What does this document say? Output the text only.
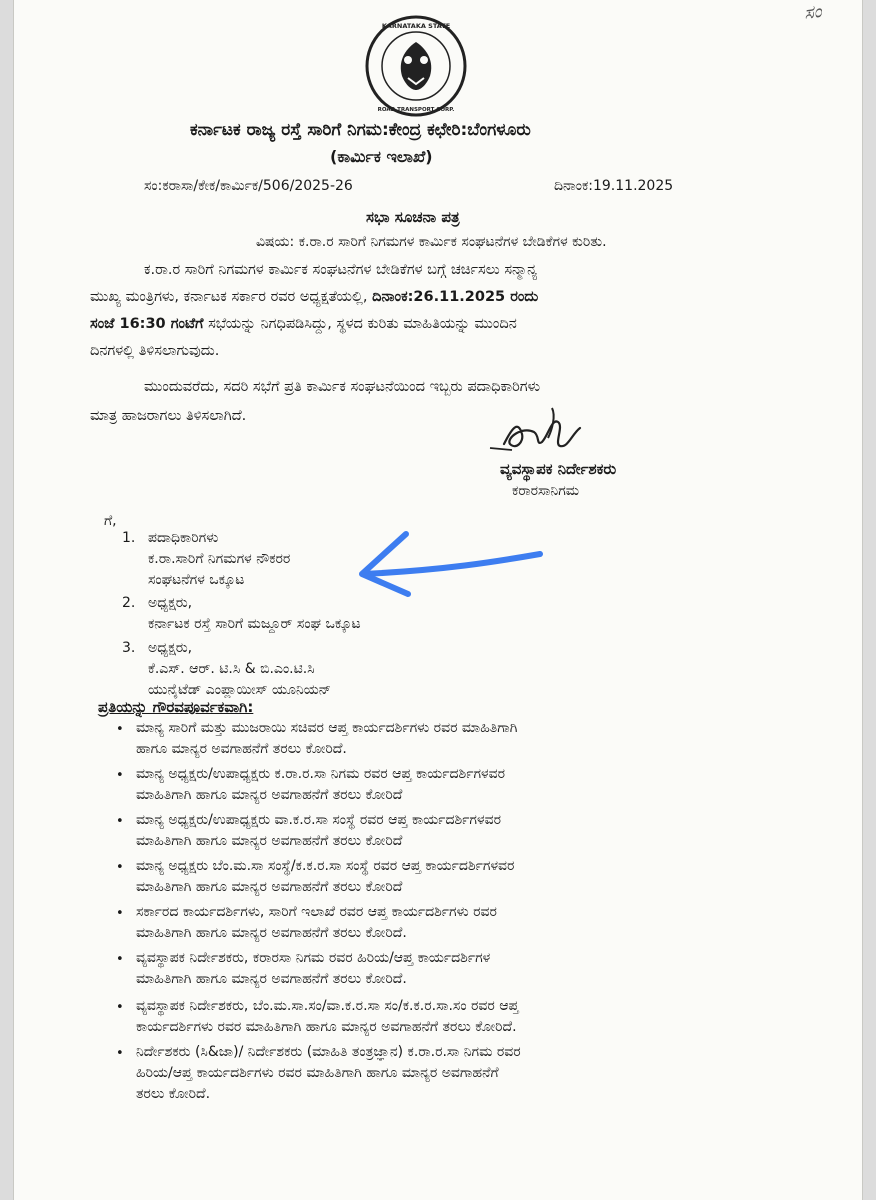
ಸಂ
KARNATAKA STATE
ROAD TRANSPORT CORP.
ಕರ್ನಾಟಕ ರಾಜ್ಯ ರಸ್ತೆ ಸಾರಿಗೆ ನಿಗಮ:ಕೇಂದ್ರ ಕಛೇರಿ:ಬೆಂಗಳೂರು
(ಕಾರ್ಮಿಕ ಇಲಾಖೆ)
ಸಂ:ಕರಾಸಾ/ಕೇಕ/ಕಾರ್ಮಿಕ/506/2025-26	ದಿನಾಂಕ:19.11.2025
ಸಭಾ ಸೂಚನಾ ಪತ್ರ
ವಿಷಯ: ಕ.ರಾ.ರ ಸಾರಿಗೆ ನಿಗಮಗಳ ಕಾರ್ಮಿಕ ಸಂಘಟನೆಗಳ ಬೇಡಿಕೆಗಳ ಕುರಿತು.
ಕ.ರಾ.ರ ಸಾರಿಗೆ ನಿಗಮಗಳ ಕಾರ್ಮಿಕ ಸಂಘಟನೆಗಳ ಬೇಡಿಕೆಗಳ ಬಗ್ಗೆ ಚರ್ಚಿಸಲು ಸನ್ಮಾನ್ಯ
ಮುಖ್ಯ ಮಂತ್ರಿಗಳು, ಕರ್ನಾಟಕ ಸರ್ಕಾರ ರವರ ಅಧ್ಯಕ್ಷತೆಯಲ್ಲಿ, ದಿನಾಂಕ:26.11.2025 ರಂದು
ಸಂಜೆ 16:30 ಗಂಟೆಗೆ ಸಭೆಯನ್ನು ನಿಗಧಿಪಡಿಸಿದ್ದು, ಸ್ಥಳದ ಕುರಿತು ಮಾಹಿತಿಯನ್ನು ಮುಂದಿನ
ದಿನಗಳಲ್ಲಿ ತಿಳಿಸಲಾಗುವುದು.
ಮುಂದುವರೆದು, ಸದರಿ ಸಭೆಗೆ ಪ್ರತಿ ಕಾರ್ಮಿಕ ಸಂಘಟನೆಯಿಂದ ಇಬ್ಬರು ಪದಾಧಿಕಾರಿಗಳು
ಮಾತ್ರ ಹಾಜರಾಗಲು ತಿಳಿಸಲಾಗಿದೆ.
ವ್ಯವಸ್ಥಾಪಕ ನಿರ್ದೇಶಕರು
ಕರಾರಸಾನಿಗಮ
ಗೆ,
1. ಪದಾಧಿಕಾರಿಗಳು
ಕ.ರಾ.ಸಾರಿಗೆ ನಿಗಮಗಳ ನೌಕರರ
ಸಂಘಟನೆಗಳ ಒಕ್ಕೂಟ
2. ಅಧ್ಯಕ್ಷರು,
ಕರ್ನಾಟಕ ರಸ್ತೆ ಸಾರಿಗೆ ಮಜ್ದೂರ್ ಸಂಘ ಒಕ್ಕೂಟ
3. ಅಧ್ಯಕ್ಷರು,
ಕೆ.ಎಸ್. ಆರ್. ಟಿ.ಸಿ & ಬಿ.ಎಂ.ಟಿ.ಸಿ
ಯುನೈಟೆಡ್ ಎಂಪ್ಲಾಯೀಸ್ ಯೂನಿಯನ್
ಪ್ರತಿಯನ್ನು ಗೌರವಪೂರ್ವಕವಾಗಿ:
• ಮಾನ್ಯ ಸಾರಿಗೆ ಮತ್ತು ಮುಜರಾಯಿ ಸಚಿವರ ಆಪ್ತ ಕಾರ್ಯದರ್ಶಿಗಳು ರವರ ಮಾಹಿತಿಗಾಗಿ
ಹಾಗೂ ಮಾನ್ಯರ ಅವಗಾಹನೆಗೆ ತರಲು ಕೋರಿದೆ.
• ಮಾನ್ಯ ಅಧ್ಯಕ್ಷರು/ಉಪಾಧ್ಯಕ್ಷರು ಕ.ರಾ.ರ.ಸಾ ನಿಗಮ ರವರ ಆಪ್ತ ಕಾರ್ಯದರ್ಶಿಗಳವರ
ಮಾಹಿತಿಗಾಗಿ ಹಾಗೂ ಮಾನ್ಯರ ಅವಗಾಹನೆಗೆ ತರಲು ಕೋರಿದೆ
• ಮಾನ್ಯ ಅಧ್ಯಕ್ಷರು/ಉಪಾಧ್ಯಕ್ಷರು ವಾ.ಕ.ರ.ಸಾ ಸಂಸ್ಥೆ ರವರ ಆಪ್ತ ಕಾರ್ಯದರ್ಶಿಗಳವರ
ಮಾಹಿತಿಗಾಗಿ ಹಾಗೂ ಮಾನ್ಯರ ಅವಗಾಹನೆಗೆ ತರಲು ಕೋರಿದೆ
• ಮಾನ್ಯ ಅಧ್ಯಕ್ಷರು ಬೆಂ.ಮ.ಸಾ ಸಂಸ್ಥೆ/ಕ.ಕ.ರ.ಸಾ ಸಂಸ್ಥೆ ರವರ ಆಪ್ತ ಕಾರ್ಯದರ್ಶಿಗಳವರ
ಮಾಹಿತಿಗಾಗಿ ಹಾಗೂ ಮಾನ್ಯರ ಅವಗಾಹನೆಗೆ ತರಲು ಕೋರಿದೆ
• ಸರ್ಕಾರದ ಕಾರ್ಯದರ್ಶಿಗಳು, ಸಾರಿಗೆ ಇಲಾಖೆ ರವರ ಆಪ್ತ ಕಾರ್ಯದರ್ಶಿಗಳು ರವರ
ಮಾಹಿತಿಗಾಗಿ ಹಾಗೂ ಮಾನ್ಯರ ಅವಗಾಹನೆಗೆ ತರಲು ಕೋರಿದೆ.
• ವ್ಯವಸ್ಥಾಪಕ ನಿರ್ದೇಶಕರು, ಕರಾರಸಾ ನಿಗಮ ರವರ ಹಿರಿಯ/ಆಪ್ತ ಕಾರ್ಯದರ್ಶಿಗಳ
ಮಾಹಿತಿಗಾಗಿ ಹಾಗೂ ಮಾನ್ಯರ ಅವಗಾಹನೆಗೆ ತರಲು ಕೋರಿದೆ.
• ವ್ಯವಸ್ಥಾಪಕ ನಿರ್ದೇಶಕರು, ಬೆಂ.ಮ.ಸಾ.ಸಂ/ವಾ.ಕ.ರ.ಸಾ ಸಂ/ಕ.ಕ.ರ.ಸಾ.ಸಂ ರವರ ಆಪ್ತ
ಕಾರ್ಯದರ್ಶಿಗಳು ರವರ ಮಾಹಿತಿಗಾಗಿ ಹಾಗೂ ಮಾನ್ಯರ ಅವಗಾಹನೆಗೆ ತರಲು ಕೋರಿದೆ.
• ನಿರ್ದೇಶಕರು (ಸಿ&ಜಾ)/ ನಿರ್ದೇಶಕರು (ಮಾಹಿತಿ ತಂತ್ರಜ್ಞಾನ) ಕ.ರಾ.ರ.ಸಾ ನಿಗಮ ರವರ
ಹಿರಿಯ/ಆಪ್ತ ಕಾರ್ಯದರ್ಶಿಗಳು ರವರ ಮಾಹಿತಿಗಾಗಿ ಹಾಗೂ ಮಾನ್ಯರ ಅವಗಾಹನೆಗೆ
ತರಲು ಕೋರಿದೆ.
